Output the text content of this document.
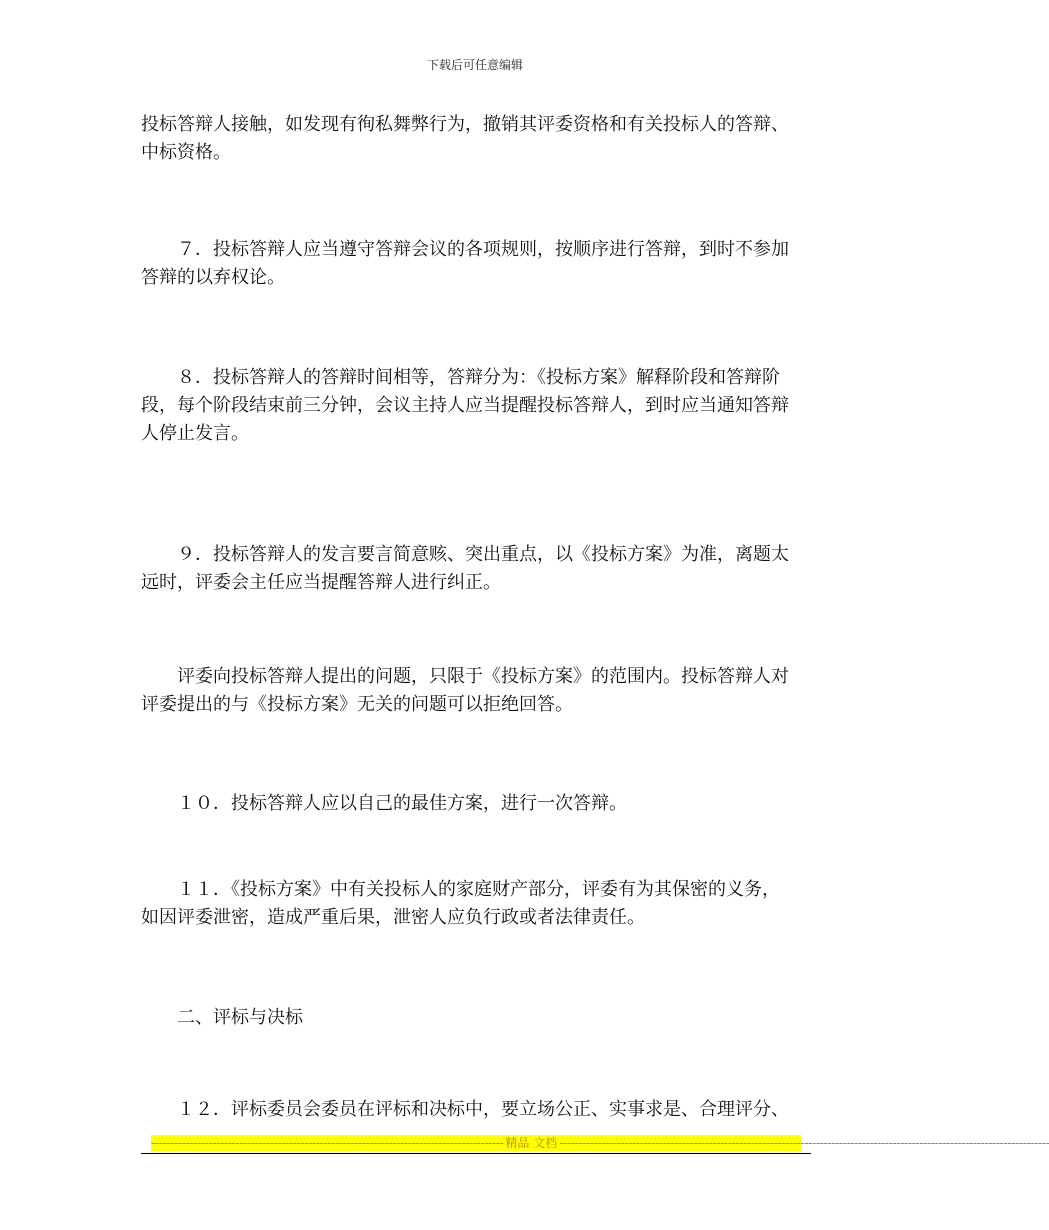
下载后可任意编辑

投标答辩人接触，如发现有徇私舞弊行为，撤销其评委资格和有关投标人的答辩、
中标资格。

７．投标答辩人应当遵守答辩会议的各项规则，按顺序进行答辩，到时不参加
答辩的以弃权论。

８．投标答辩人的答辩时间相等，答辩分为：《投标方案》解释阶段和答辩阶
段，每个阶段结束前三分钟，会议主持人应当提醒投标答辩人，到时应当通知答辩
人停止发言。

９．投标答辩人的发言要言简意赅、突出重点，以《投标方案》为准，离题太
远时，评委会主任应当提醒答辩人进行纠正。

评委向投标答辩人提出的问题，只限于《投标方案》的范围内。投标答辩人对
评委提出的与《投标方案》无关的问题可以拒绝回答。

１０．投标答辩人应以自己的最佳方案，进行一次答辩。

１１．《投标方案》中有关投标人的家庭财产部分，评委有为其保密的义务，
如因评委泄密，造成严重后果，泄密人应负行政或者法律责任。

二、评标与决标

１２．评标委员会委员在评标和决标中，要立场公正、实事求是、合理评分、

-------------------------------------------------------------------------------------------- 精品 文档 --------------------------------------------------------------------------------------------------------------------------------
